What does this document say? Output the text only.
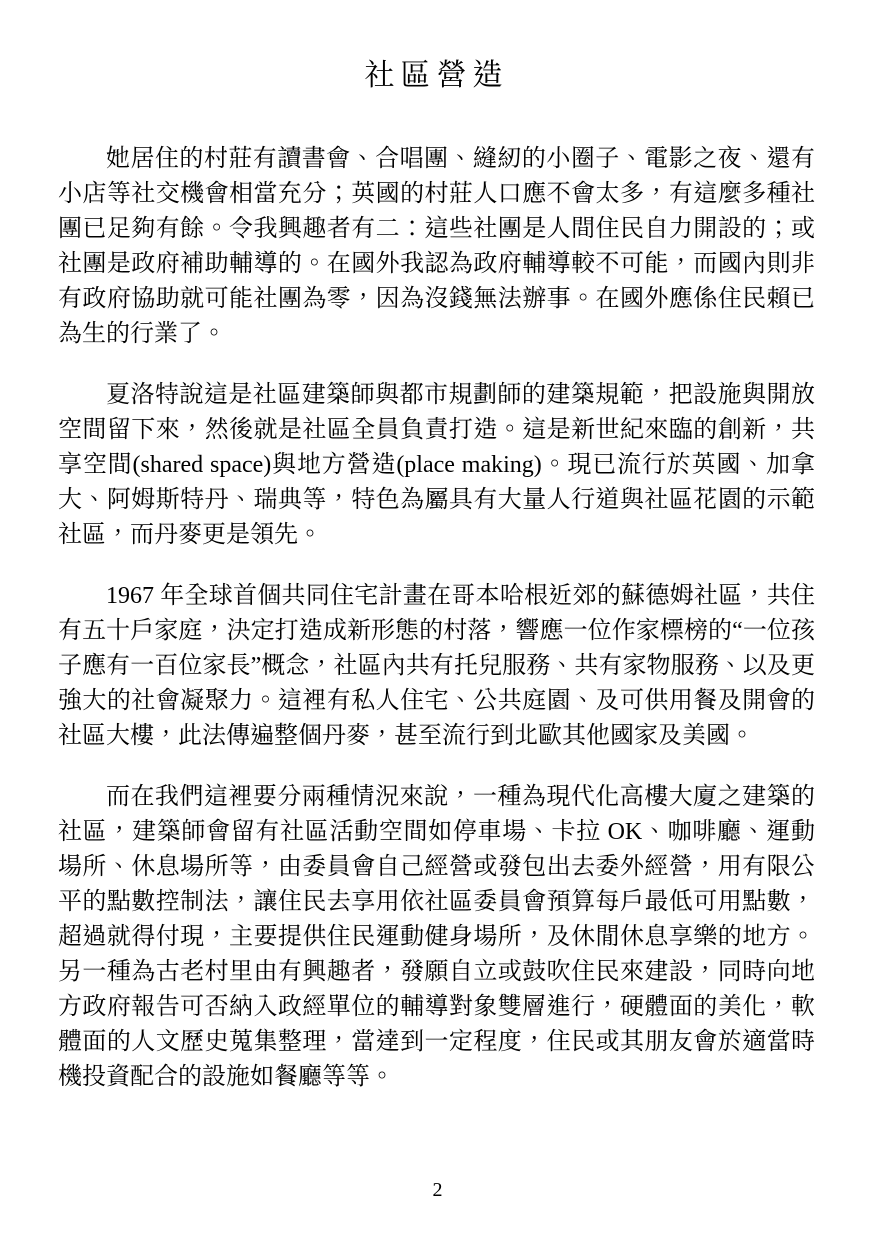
社區營造

她居住的村莊有讀書會、合唱團、縫紉的小圈子、電影之夜、還有小店等社交機會相當充分；英國的村莊人口應不會太多，有這麼多種社團已足夠有餘。令我興趣者有二：這些社團是人間住民自力開設的；或社團是政府補助輔導的。在國外我認為政府輔導較不可能，而國內則非有政府協助就可能社團為零，因為沒錢無法辦事。在國外應係住民賴已為生的行業了。

夏洛特說這是社區建築師與都市規劃師的建築規範，把設施與開放空間留下來，然後就是社區全員負責打造。這是新世紀來臨的創新，共享空間(shared space)與地方營造(place making)。現已流行於英國、加拿大、阿姆斯特丹、瑞典等，特色為屬具有大量人行道與社區花園的示範社區，而丹麥更是領先。

1967 年全球首個共同住宅計畫在哥本哈根近郊的蘇德姆社區，共住有五十戶家庭，決定打造成新形態的村落，響應一位作家標榜的“一位孩子應有一百位家長”概念，社區內共有托兒服務、共有家物服務、以及更強大的社會凝聚力。這裡有私人住宅、公共庭園、及可供用餐及開會的社區大樓，此法傳遍整個丹麥，甚至流行到北歐其他國家及美國。

而在我們這裡要分兩種情況來說，一種為現代化高樓大廈之建築的社區，建築師會留有社區活動空間如停車場、卡拉 OK、咖啡廳、運動場所、休息場所等，由委員會自己經營或發包出去委外經營，用有限公平的點數控制法，讓住民去享用依社區委員會預算每戶最低可用點數，超過就得付現，主要提供住民運動健身場所，及休閒休息享樂的地方。另一種為古老村里由有興趣者，發願自立或鼓吹住民來建設，同時向地方政府報告可否納入政經單位的輔導對象雙層進行，硬體面的美化，軟體面的人文歷史蒐集整理，當達到一定程度，住民或其朋友會於適當時機投資配合的設施如餐廳等等。

2
